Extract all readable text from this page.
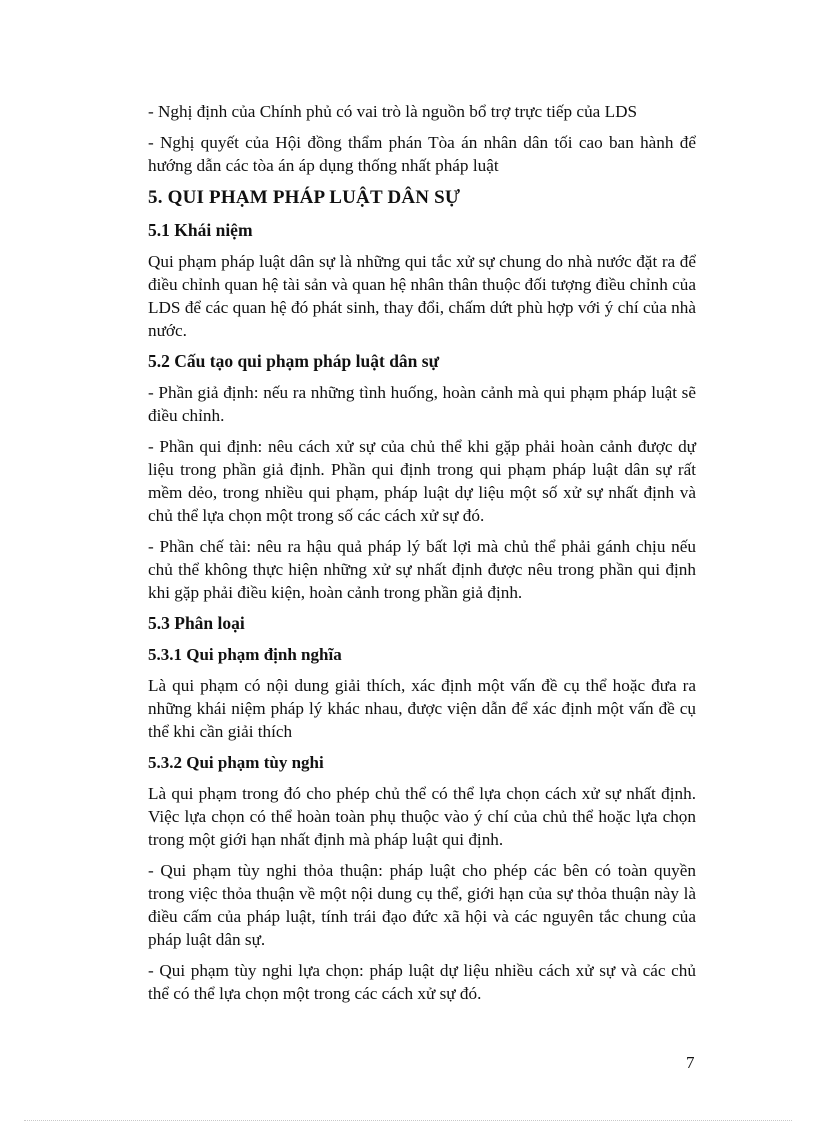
- Nghị định của Chính phủ có vai trò là nguồn bổ trợ trực tiếp của LDS

- Nghị quyết của Hội đồng thẩm phán Tòa án nhân dân tối cao ban hành để hướng dẫn các tòa án áp dụng thống nhất pháp luật

5. QUI PHẠM PHÁP LUẬT DÂN SỰ
5.1 Khái niệm

Qui phạm pháp luật dân sự là những qui tắc xử sự chung do nhà nước đặt ra để điều chỉnh quan hệ tài sản và quan hệ nhân thân thuộc đối tượng điều chỉnh của LDS để các quan hệ đó phát sinh, thay đổi, chấm dứt phù hợp với ý chí của nhà nước.

5.2 Cấu tạo qui phạm pháp luật dân sự

- Phần giả định: nếu ra những tình huống, hoàn cảnh mà qui phạm pháp luật sẽ điều chỉnh.

- Phần qui định: nêu cách xử sự của chủ thể khi gặp phải hoàn cảnh được dự liệu trong phần giả định. Phần qui định trong qui phạm pháp luật dân sự rất mềm dẻo, trong nhiều qui phạm, pháp luật dự liệu một số xử sự nhất định và chủ thể lựa chọn một trong số các cách xử sự đó.

- Phần chế tài: nêu ra hậu quả pháp lý bất lợi mà chủ thể phải gánh chịu nếu chủ thể không thực hiện những xử sự nhất định được nêu trong phần qui định khi gặp phải điều kiện, hoàn cảnh trong phần giả định.

5.3 Phân loại
5.3.1 Qui phạm định nghĩa

Là qui phạm có nội dung giải thích, xác định một vấn đề cụ thể hoặc đưa ra những khái niệm pháp lý khác nhau, được viện dẫn để xác định một vấn đề cụ thể khi cần giải thích

5.3.2 Qui phạm tùy nghi

Là qui phạm trong đó cho phép chủ thể có thể lựa chọn cách xử sự nhất định. Việc lựa chọn có thể hoàn toàn phụ thuộc vào ý chí của chủ thể hoặc lựa chọn trong một giới hạn nhất định mà pháp luật qui định.

- Qui phạm tùy nghi thỏa thuận: pháp luật cho phép các bên có toàn quyền trong việc thỏa thuận về một nội dung cụ thể, giới hạn của sự thỏa thuận này là điều cấm của pháp luật, tính trái đạo đức xã hội và các nguyên tắc chung của pháp luật dân sự.

- Qui phạm tùy nghi lựa chọn: pháp luật dự liệu nhiều cách xử sự và các chủ thể có thể lựa chọn một trong các cách xử sự đó.

7
